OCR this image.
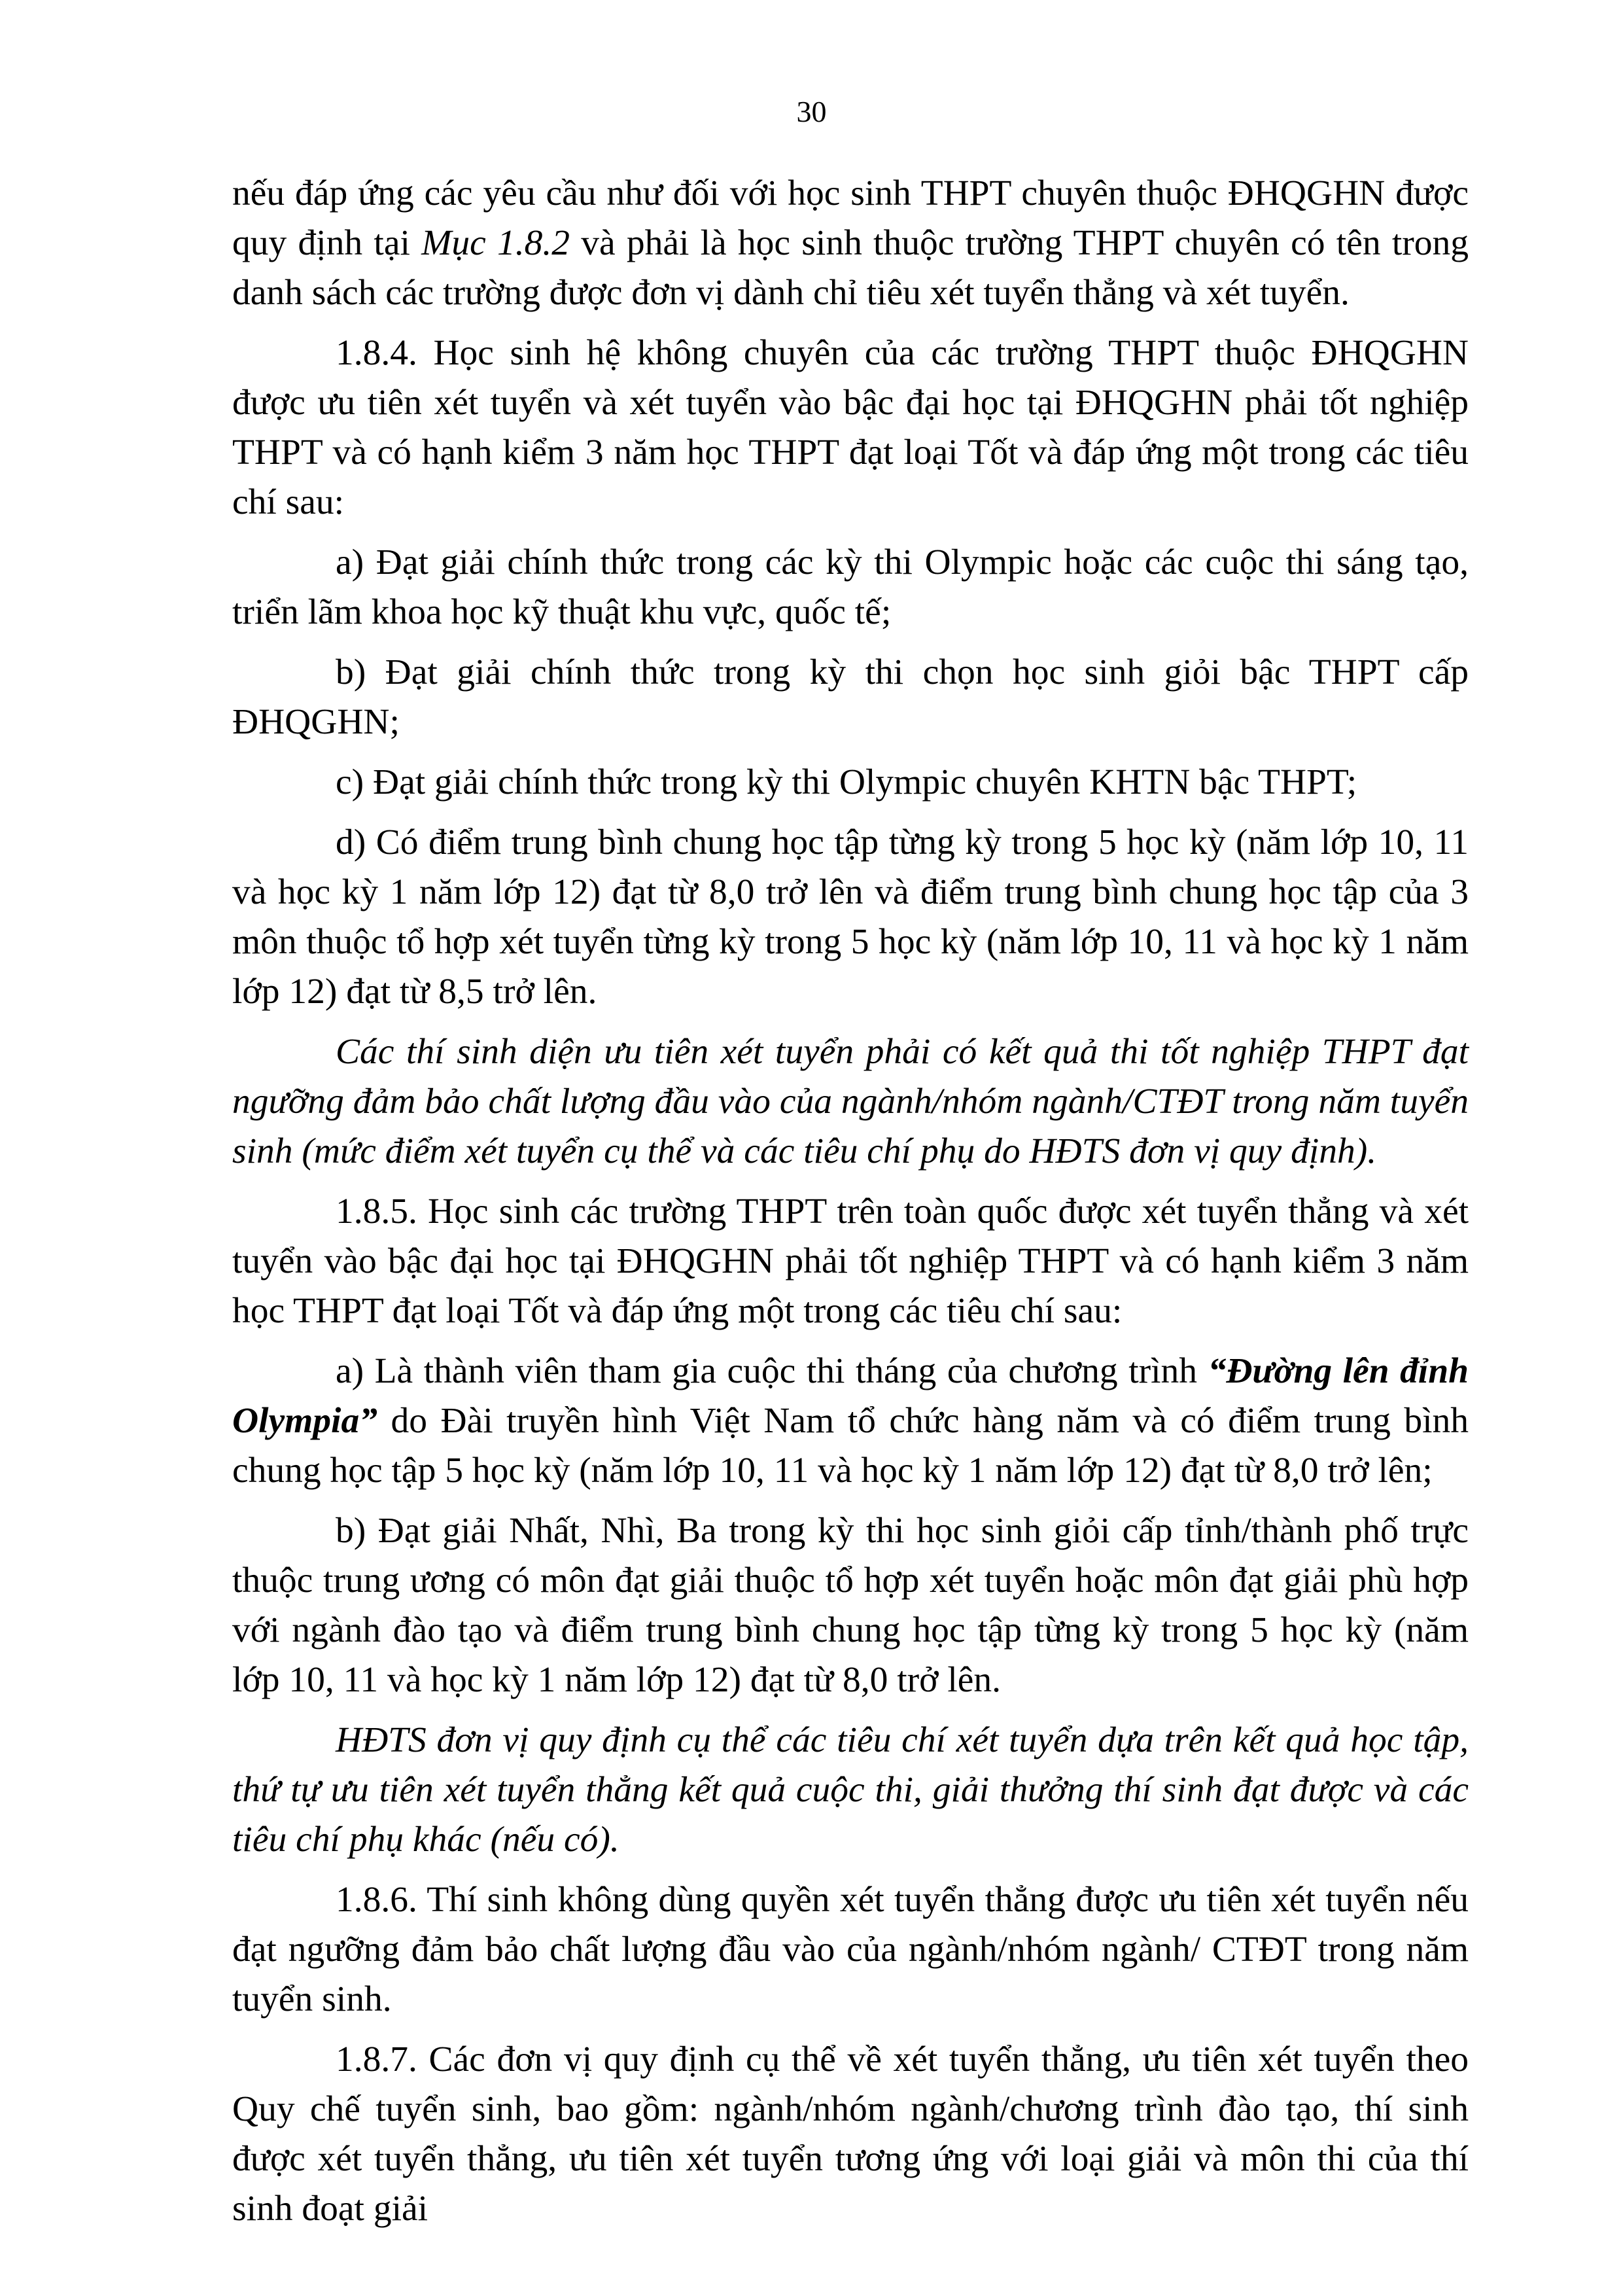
30

nếu đáp ứng các yêu cầu như đối với học sinh THPT chuyên thuộc ĐHQGHN được quy định tại Mục 1.8.2 và phải là học sinh thuộc trường THPT chuyên có tên trong danh sách các trường được đơn vị dành chỉ tiêu xét tuyển thẳng và xét tuyển.

1.8.4. Học sinh hệ không chuyên của các trường THPT thuộc ĐHQGHN được ưu tiên xét tuyển và xét tuyển vào bậc đại học tại ĐHQGHN phải tốt nghiệp THPT và có hạnh kiểm 3 năm học THPT đạt loại Tốt và đáp ứng một trong các tiêu chí sau:

a) Đạt giải chính thức trong các kỳ thi Olympic hoặc các cuộc thi sáng tạo, triển lãm khoa học kỹ thuật khu vực, quốc tế;

b) Đạt giải chính thức trong kỳ thi chọn học sinh giỏi bậc THPT cấp ĐHQGHN;

c) Đạt giải chính thức trong kỳ thi Olympic chuyên KHTN bậc THPT;

d) Có điểm trung bình chung học tập từng kỳ trong 5 học kỳ (năm lớp 10, 11 và học kỳ 1 năm lớp 12) đạt từ 8,0 trở lên và điểm trung bình chung học tập của 3 môn thuộc tổ hợp xét tuyển từng kỳ trong 5 học kỳ (năm lớp 10, 11 và học kỳ 1 năm lớp 12) đạt từ 8,5 trở lên.

Các thí sinh diện ưu tiên xét tuyển phải có kết quả thi tốt nghiệp THPT đạt ngưỡng đảm bảo chất lượng đầu vào của ngành/nhóm ngành/CTĐT trong năm tuyển sinh (mức điểm xét tuyển cụ thể và các tiêu chí phụ do HĐTS đơn vị quy định).

1.8.5. Học sinh các trường THPT trên toàn quốc được xét tuyển thẳng và xét tuyển vào bậc đại học tại ĐHQGHN phải tốt nghiệp THPT và có hạnh kiểm 3 năm học THPT đạt loại Tốt và đáp ứng một trong các tiêu chí sau:

a) Là thành viên tham gia cuộc thi tháng của chương trình “Đường lên đỉnh Olympia” do Đài truyền hình Việt Nam tổ chức hàng năm và có điểm trung bình chung học tập 5 học kỳ (năm lớp 10, 11 và học kỳ 1 năm lớp 12) đạt từ 8,0 trở lên;

b) Đạt giải Nhất, Nhì, Ba trong kỳ thi học sinh giỏi cấp tỉnh/thành phố trực thuộc trung ương có môn đạt giải thuộc tổ hợp xét tuyển hoặc môn đạt giải phù hợp với ngành đào tạo và điểm trung bình chung học tập từng kỳ trong 5 học kỳ (năm lớp 10, 11 và học kỳ 1 năm lớp 12) đạt từ 8,0 trở lên.

HĐTS đơn vị quy định cụ thể các tiêu chí xét tuyển dựa trên kết quả học tập, thứ tự ưu tiên xét tuyển thẳng kết quả cuộc thi, giải thưởng thí sinh đạt được và các tiêu chí phụ khác (nếu có).

1.8.6. Thí sinh không dùng quyền xét tuyển thẳng được ưu tiên xét tuyển nếu đạt ngưỡng đảm bảo chất lượng đầu vào của ngành/nhóm ngành/ CTĐT trong năm tuyển sinh.

1.8.7. Các đơn vị quy định cụ thể về xét tuyển thẳng, ưu tiên xét tuyển theo Quy chế tuyển sinh, bao gồm: ngành/nhóm ngành/chương trình đào tạo, thí sinh được xét tuyển thẳng, ưu tiên xét tuyển tương ứng với loại giải và môn thi của thí sinh đoạt giải
